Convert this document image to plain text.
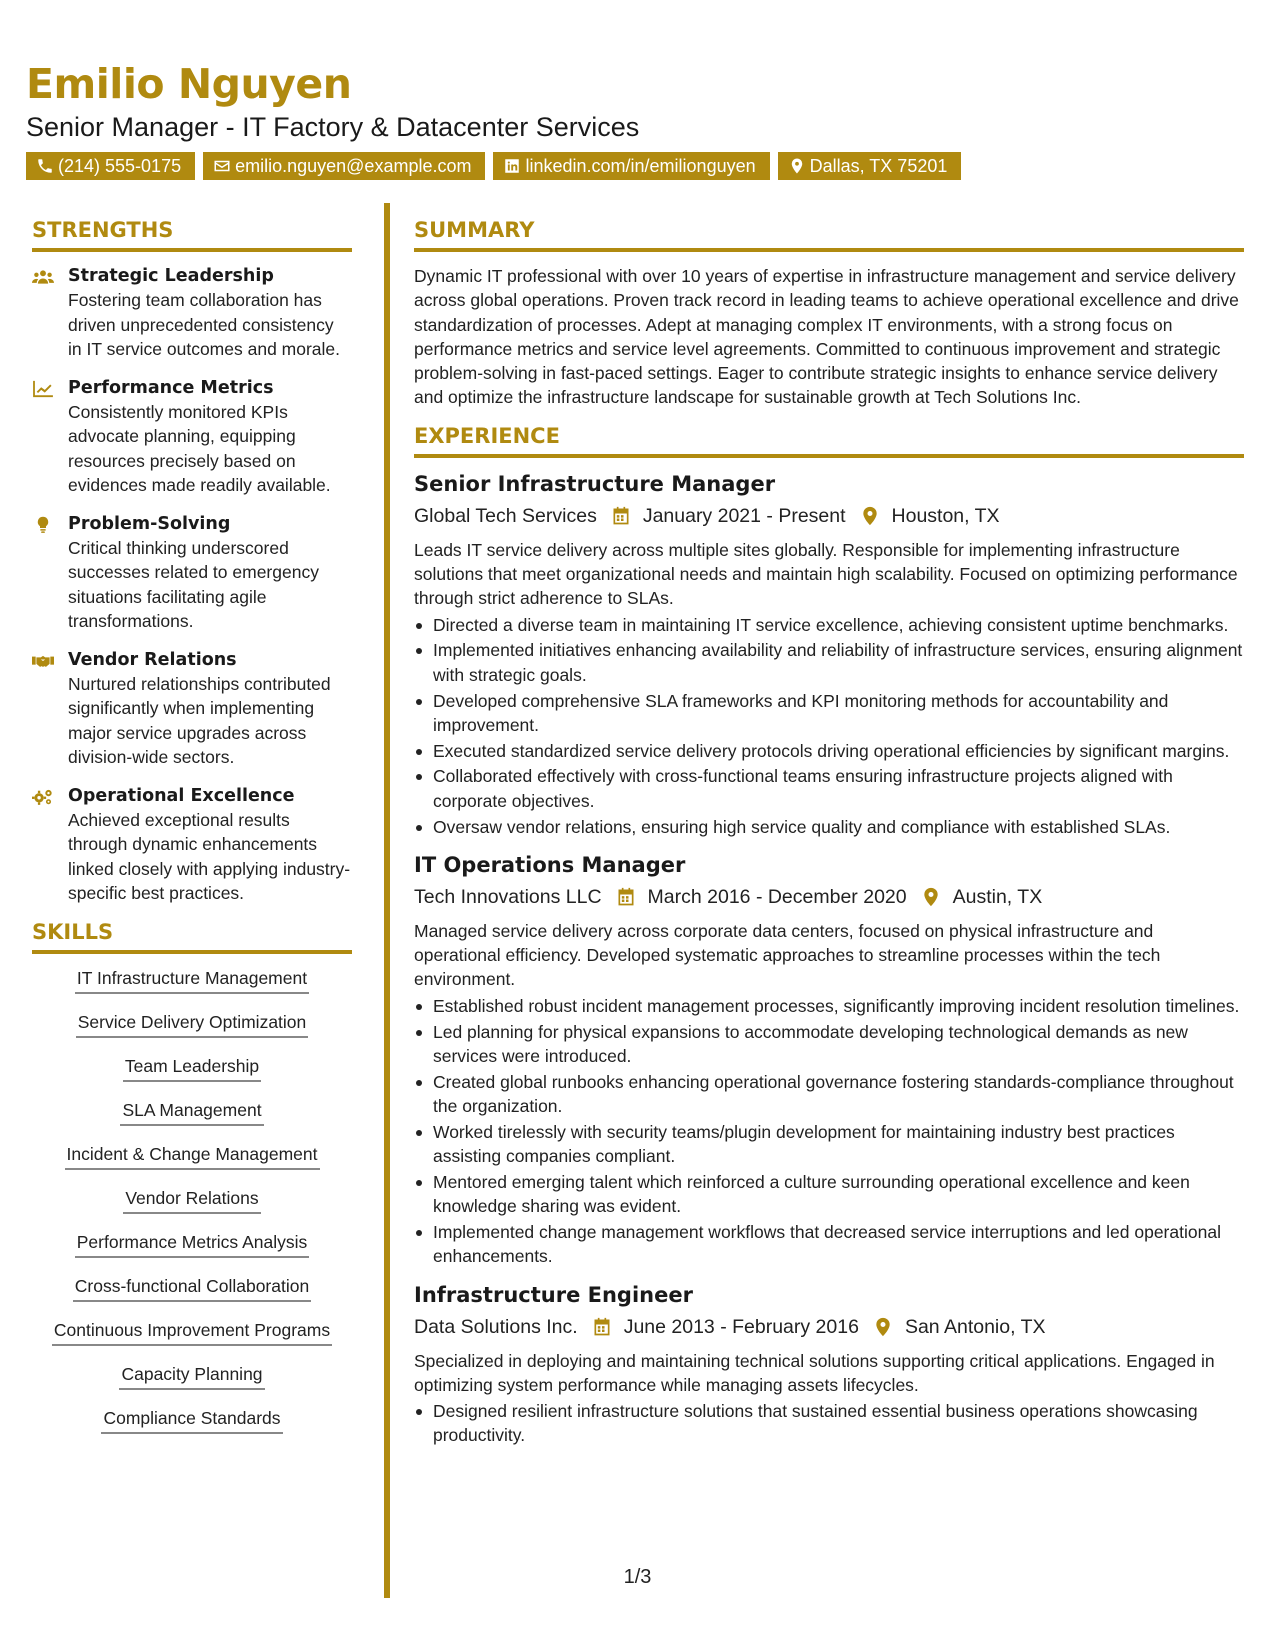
Emilio Nguyen
Senior Manager - IT Factory & Datacenter Services
(214) 555-0175	emilio.nguyen@example.com	linkedin.com/in/emilionguyen	Dallas, TX 75201
STRENGTHS
Strategic Leadership
Fostering team collaboration has driven unprecedented consistency in IT service outcomes and morale.
Performance Metrics
Consistently monitored KPIs advocate planning, equipping resources precisely based on evidences made readily available.
Problem-Solving
Critical thinking underscored successes related to emergency situations facilitating agile transformations.
Vendor Relations
Nurtured relationships contributed significantly when implementing major service upgrades across division-wide sectors.
Operational Excellence
Achieved exceptional results through dynamic enhancements linked closely with applying industry-specific best practices.
SKILLS
IT Infrastructure Management
Service Delivery Optimization
Team Leadership
SLA Management
Incident & Change Management
Vendor Relations
Performance Metrics Analysis
Cross-functional Collaboration
Continuous Improvement Programs
Capacity Planning
Compliance Standards
SUMMARY
Dynamic IT professional with over 10 years of expertise in infrastructure management and service delivery across global operations. Proven track record in leading teams to achieve operational excellence and drive standardization of processes. Adept at managing complex IT environments, with a strong focus on performance metrics and service level agreements. Committed to continuous improvement and strategic problem-solving in fast-paced settings. Eager to contribute strategic insights to enhance service delivery and optimize the infrastructure landscape for sustainable growth at Tech Solutions Inc.
EXPERIENCE
Senior Infrastructure Manager
Global Tech Services January 2021 - Present Houston, TX
Leads IT service delivery across multiple sites globally. Responsible for implementing infrastructure solutions that meet organizational needs and maintain high scalability. Focused on optimizing performance through strict adherence to SLAs.
Directed a diverse team in maintaining IT service excellence, achieving consistent uptime benchmarks.
Implemented initiatives enhancing availability and reliability of infrastructure services, ensuring alignment with strategic goals.
Developed comprehensive SLA frameworks and KPI monitoring methods for accountability and improvement.
Executed standardized service delivery protocols driving operational efficiencies by significant margins.
Collaborated effectively with cross-functional teams ensuring infrastructure projects aligned with corporate objectives.
Oversaw vendor relations, ensuring high service quality and compliance with established SLAs.
IT Operations Manager
Tech Innovations LLC March 2016 - December 2020 Austin, TX
Managed service delivery across corporate data centers, focused on physical infrastructure and operational efficiency. Developed systematic approaches to streamline processes within the tech environment.
Established robust incident management processes, significantly improving incident resolution timelines.
Led planning for physical expansions to accommodate developing technological demands as new services were introduced.
Created global runbooks enhancing operational governance fostering standards-compliance throughout the organization.
Worked tirelessly with security teams/plugin development for maintaining industry best practices assisting companies compliant.
Mentored emerging talent which reinforced a culture surrounding operational excellence and keen knowledge sharing was evident.
Implemented change management workflows that decreased service interruptions and led operational enhancements.
Infrastructure Engineer
Data Solutions Inc. June 2013 - February 2016 San Antonio, TX
Specialized in deploying and maintaining technical solutions supporting critical applications. Engaged in optimizing system performance while managing assets lifecycles.
Designed resilient infrastructure solutions that sustained essential business operations showcasing productivity.
1/3
